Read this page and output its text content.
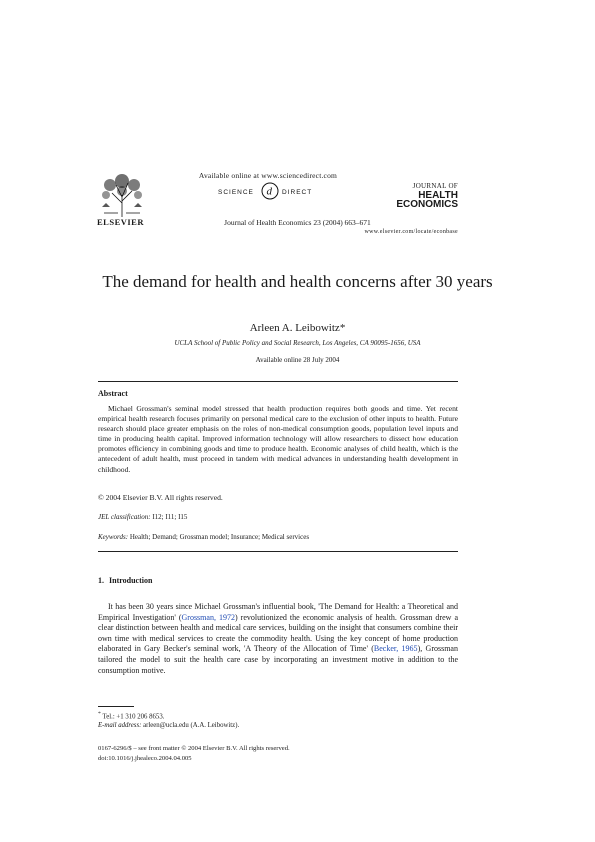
ELSEVIER
Available online at www.sciencedirect.com
SCIENCE d DIRECT
Journal of Health Economics 23 (2004) 663–671
JOURNAL OF
HEALTH
ECONOMICS
www.elsevier.com/locate/econbase
The demand for health and health concerns after 30 years
Arleen A. Leibowitz*
UCLA School of Public Policy and Social Research, Los Angeles, CA 90095-1656, USA
Available online 28 July 2004
Abstract
Michael Grossman's seminal model stressed that health production requires both goods and time. Yet recent empirical health research focuses primarily on personal medical care to the exclusion of other inputs to health. Future research should place greater emphasis on the roles of non-medical consumption goods, population level inputs and time in producing health capital. Improved information technology will allow researchers to dissect how education promotes efficiency in combining goods and time to produce health. Economic analyses of child health, which is the antecedent of adult health, must proceed in tandem with medical advances in understanding health development in childhood.
© 2004 Elsevier B.V. All rights reserved.
JEL classification: I12; I11; I15
Keywords: Health; Demand; Grossman model; Insurance; Medical services
1. Introduction
It has been 30 years since Michael Grossman's influential book, 'The Demand for Health: a Theoretical and Empirical Investigation' (Grossman, 1972) revolutionized the economic analysis of health. Grossman drew a clear distinction between health and medical care services, building on the insight that consumers combine their own time with medical services to create the commodity health. Using the key concept of home production elaborated in Gary Becker's seminal work, 'A Theory of the Allocation of Time' (Becker, 1965), Grossman tailored the model to suit the health care case by incorporating an investment motive in addition to the consumption motive.
* Tel.: +1 310 206 8653.
E-mail address: arleen@ucla.edu (A.A. Leibowitz).
0167-6296/$ – see front matter © 2004 Elsevier B.V. All rights reserved.
doi:10.1016/j.jhealeco.2004.04.005
